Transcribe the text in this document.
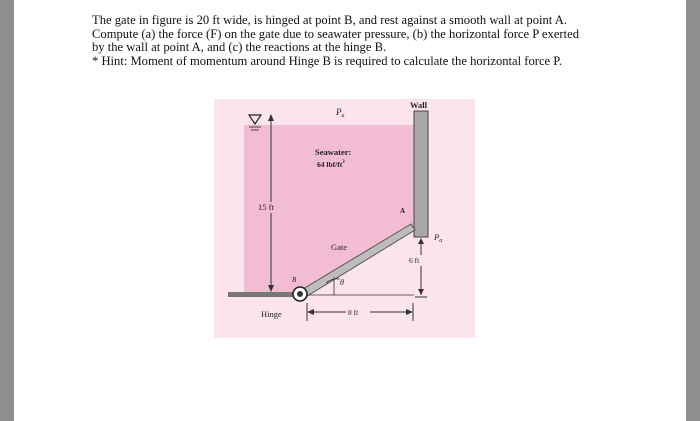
The gate in figure is 20 ft wide, is hinged at point B, and rest against a smooth wall at point A.

Compute (a) the force (F) on the gate due to seawater pressure, (b) the horizontal force P exerted

by the wall at point A, and (c) the reactions at the hinge B.

* Hint: Moment of momentum around Hinge B is required to calculate the horizontal force P.

15 ft
$P_a$
Wall
Seawater:
64 lbf/$ft^3$
A
$P_a$
Gate
6 ft
B	θ
Hinge	8 ft
